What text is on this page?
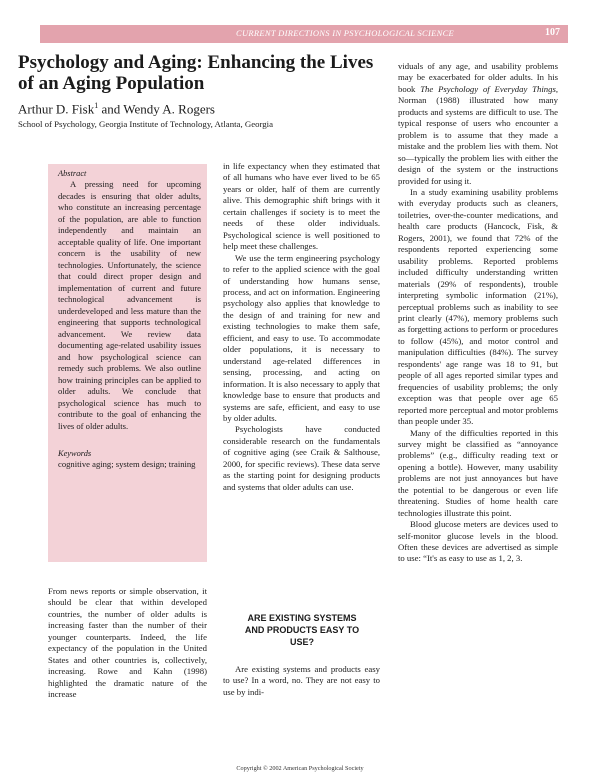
CURRENT DIRECTIONS IN PSYCHOLOGICAL SCIENCE	107
Psychology and Aging: Enhancing the Lives of an Aging Population
Arthur D. Fisk$^1$ and Wendy A. Rogers
School of Psychology, Georgia Institute of Technology, Atlanta, Georgia
Abstract

A pressing need for upcoming decades is ensuring that older adults, who constitute an increasing percentage of the population, are able to function independently and maintain an acceptable quality of life. One important concern is the usability of new technologies. Unfortunately, the science that could direct proper design and implementation of current and future technological advancement is underdeveloped and less mature than the engineering that supports technological advancement. We review data documenting age-related usability issues and how psychological science can remedy such problems. We also outline how training principles can be applied to older adults. We conclude that psychological science has much to contribute to the goal of enhancing the lives of older adults.

Keywords

cognitive aging; system design; training

From news reports or simple observation, it should be clear that within developed countries, the number of older adults is increasing faster than the number of their younger counterparts. Indeed, the life expectancy of the population in the United States and other countries is, collectively, increasing. Rowe and Kahn (1998) highlighted the dramatic nature of the increase

in life expectancy when they estimated that of all humans who have ever lived to be 65 years or older, half of them are currently alive. This demographic shift brings with it certain challenges if society is to meet the needs of these older individuals. Psychological science is well positioned to help meet these challenges.

We use the term engineering psychology to refer to the applied science with the goal of understanding how humans sense, process, and act on information. Engineering psychology also applies that knowledge to the design of and training for new and existing technologies to make them safe, efficient, and easy to use. To accommodate older populations, it is necessary to understand age-related differences in sensing, processing, and acting on information. It is also necessary to apply that knowledge base to ensure that products and systems are safe, efficient, and easy to use by older adults.

Psychologists have conducted considerable research on the fundamentals of cognitive aging (see Craik & Salthouse, 2000, for specific reviews). These data serve as the starting point for designing products and systems that older adults can use.

ARE EXISTING SYSTEMS AND PRODUCTS EASY TO USE?

Are existing systems and products easy to use? In a word, no. They are not easy to use by indi-

viduals of any age, and usability problems may be exacerbated for older adults. In his book The Psychology of Everyday Things, Norman (1988) illustrated how many products and systems are difficult to use. The typical response of users who encounter a problem is to assume that they made a mistake and the problem lies with them. Not so—typically the problem lies with either the design of the system or the instructions provided for using it.

In a study examining usability problems with everyday products such as cleaners, toiletries, over-the-counter medications, and health care products (Hancock, Fisk, & Rogers, 2001), we found that 72% of the respondents reported experiencing some usability problems. Reported problems included difficulty understanding written materials (29% of respondents), trouble interpreting symbolic information (21%), perceptual problems such as inability to see print clearly (47%), memory problems such as forgetting actions to perform or procedures to follow (45%), and motor control and manipulation difficulties (84%). The survey respondents' age range was 18 to 91, but people of all ages reported similar types and frequencies of usability problems; the only exception was that people over age 65 reported more perceptual and motor problems than people under 35.

Many of the difficulties reported in this survey might be classified as “annoyance problems” (e.g., difficulty reading text or opening a bottle). However, many usability problems are not just annoyances but have the potential to be dangerous or even life threatening. Studies of home health care technologies illustrate this point.

Blood glucose meters are devices used to self-monitor glucose levels in the blood. Often these devices are advertised as simple to use: “It's as easy to use as 1, 2, 3.

Copyright © 2002 American Psychological Society
